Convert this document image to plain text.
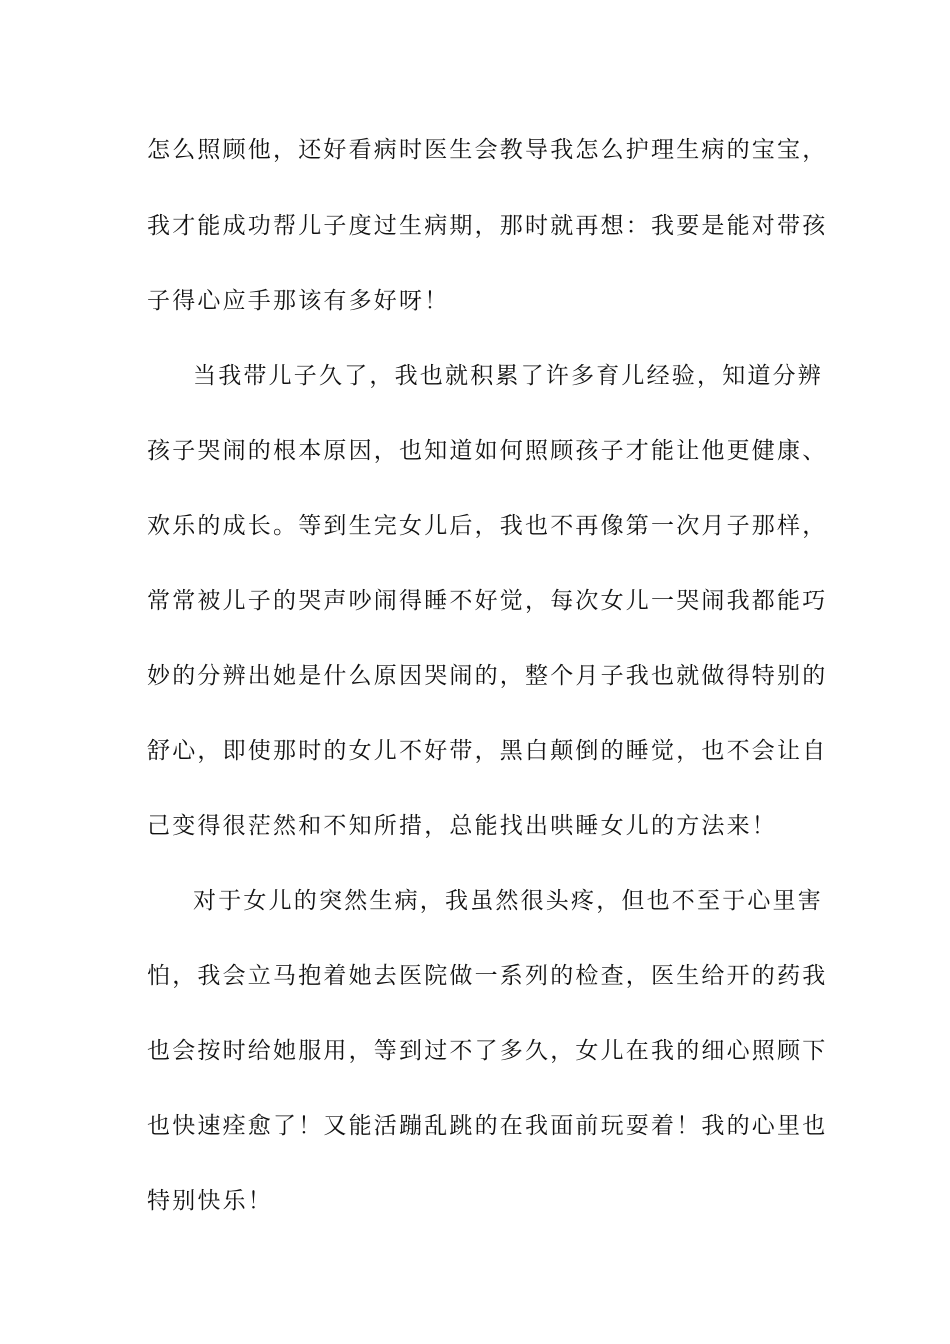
怎么照顾他，还好看病时医生会教导我怎么护理生病的宝宝，
我才能成功帮儿子度过生病期，那时就再想：我要是能对带孩
子得心应手那该有多好呀！
当我带儿子久了，我也就积累了许多育儿经验，知道分辨
孩子哭闹的根本原因，也知道如何照顾孩子才能让他更健康、
欢乐的成长。等到生完女儿后，我也不再像第一次月子那样，
常常被儿子的哭声吵闹得睡不好觉，每次女儿一哭闹我都能巧
妙的分辨出她是什么原因哭闹的，整个月子我也就做得特别的
舒心，即使那时的女儿不好带，黑白颠倒的睡觉，也不会让自
己变得很茫然和不知所措，总能找出哄睡女儿的方法来！
对于女儿的突然生病，我虽然很头疼，但也不至于心里害
怕，我会立马抱着她去医院做一系列的检查，医生给开的药我
也会按时给她服用，等到过不了多久，女儿在我的细心照顾下
也快速痊愈了！又能活蹦乱跳的在我面前玩耍着！我的心里也
特别快乐！
